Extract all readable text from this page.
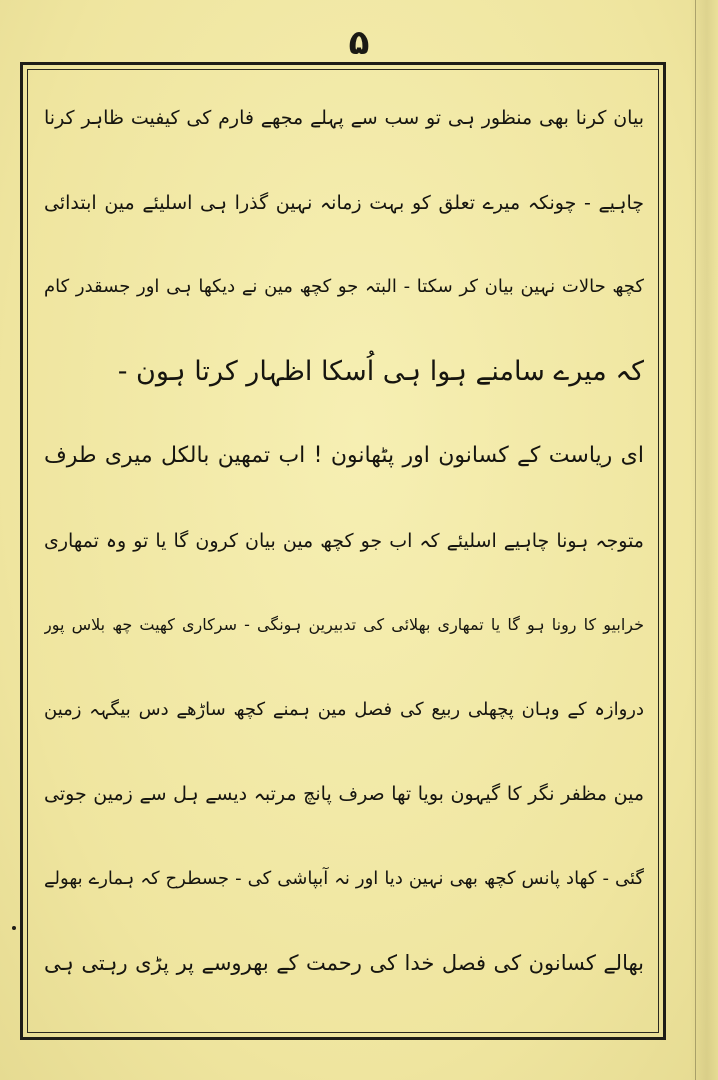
۵
بیان کرنا بھی منظور ہی تو سب سے پہلے مجھے فارم کی کیفیت ظاہر کرنا
چاہیے - چونکہ میرے تعلق کو بہت زمانہ نہین گذرا ہی اسلیئے مین ابتدائی
کچھ حالات نہین بیان کر سکتا - البتہ جو کچھ مین نے دیکھا ہی اور جسقدر کام
کہ میرے سامنے ہوا ہی اُسکا اظہار کرتا ہون -
ای ریاست کے کسانون اور پٹھانون ! اب تمھین بالکل میری طرف
متوجہ ہونا چاہیے اسلیئے کہ اب جو کچھ مین بیان کرون گا یا تو وہ تمھاری
خرابیو کا رونا ہو گا یا تمھاری بھلائی کی تدبیرین ہونگی - سرکاری کھیت چھ بلاس پور
دروازہ کے وہان پچھلی ربیع کی فصل مین ہمنے کچھ ساڑھے دس بیگہہ زمین
مین مظفر نگر کا گیہون بویا تھا صرف پانچ مرتبہ دیسے ہل سے زمین جوتی
گئی - کھاد پانس کچھ بھی نہین دیا اور نہ آبپاشی کی - جسطرح کہ ہمارے بھولے
بھالے کسانون کی فصل خدا کی رحمت کے بھروسے پر پڑی رہتی ہی
